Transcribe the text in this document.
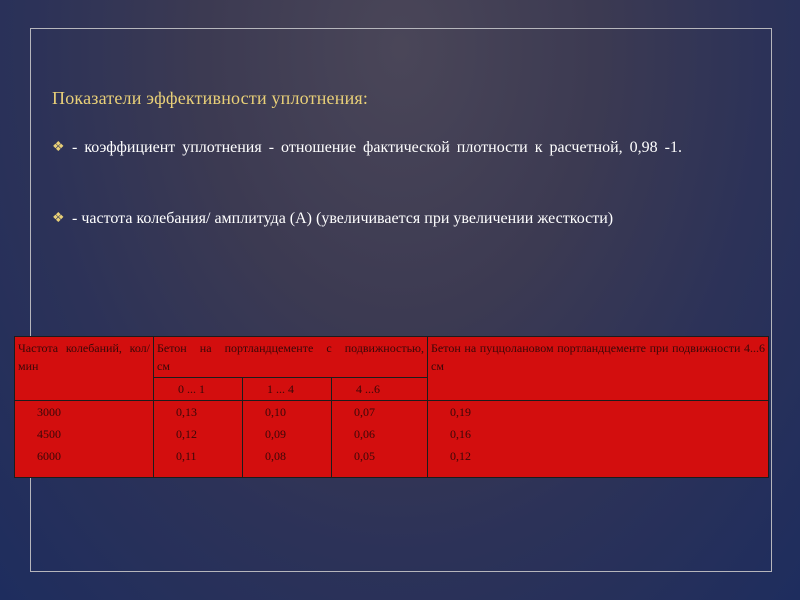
Показатели эффективности уплотнения:
❖ - коэффициент уплотнения - отношение фактической плотности к расчетной, 0,98 -1.
❖ - частота колебания/ амплитуда (А) (увеличивается при увеличении жесткости)
Частота колебаний, кол/мин	Бетон на портландцементе с подвижностью, см			Бетон на пуццолановом портландцементе при подвижности 4...6 см
	0 ... 1	1 ... 4	4 ...6	
3000	0,13	0,10	0,07	0,19
4500	0,12	0,09	0,06	0,16
6000	0,11	0,08	0,05	0,12
